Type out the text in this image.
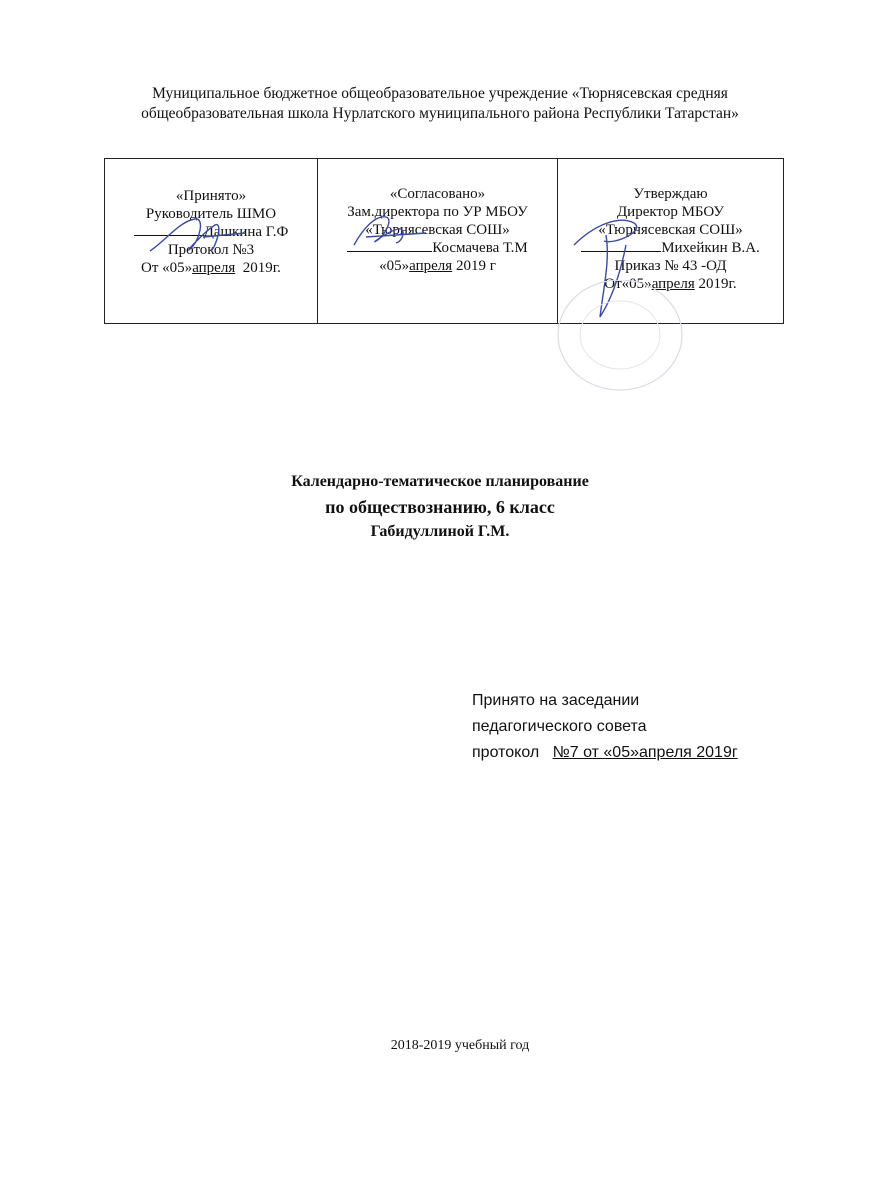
Муниципальное бюджетное общеобразовательное учреждение «Тюрнясевская средняя
общеобразовательная школа Нурлатского муниципального района Республики Татарстан»
«Принято»
Руководитель ШМО
Дашкина Г.Ф
Протокол №3
От «05»апреля 2019г.
«Согласовано»
Зам.директора по УР МБОУ
«Тюрнясевская СОШ»
Космачева Т.М
«05»апреля 2019 г
Утверждаю
Директор МБОУ
«Тюрнясевская СОШ»
Михейкин В.А.
Приказ № 43 -ОД
От«05»апреля 2019г.
Календарно-тематическое планирование
по обществознанию, 6 класс
Габидуллиной Г.М.
Принято на заседании
педагогического совета
протокол №7 от «05»апреля 2019г
2018-2019 учебный год
